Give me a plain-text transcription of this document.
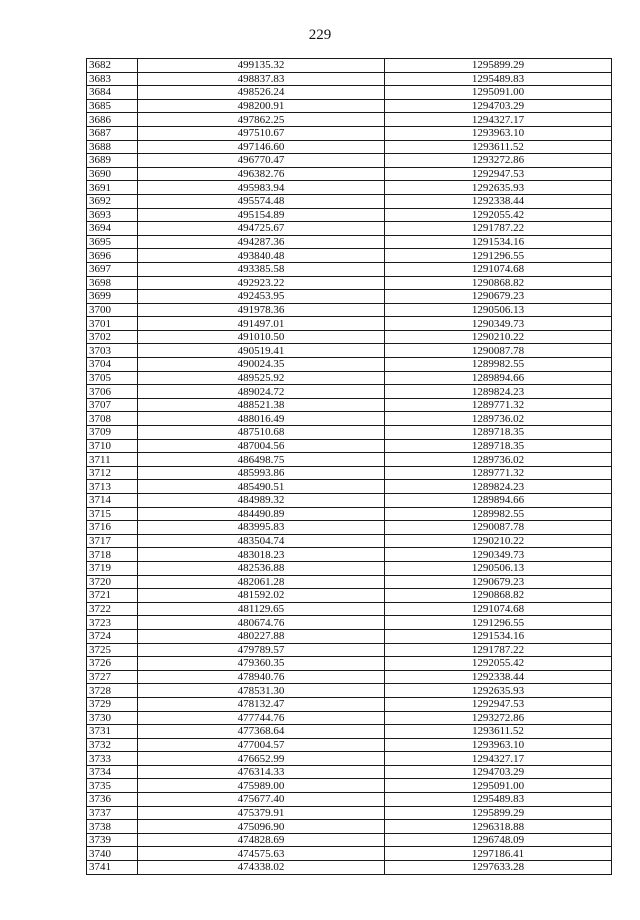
229
3682	499135.32	1295899.29
3683	498837.83	1295489.83
3684	498526.24	1295091.00
3685	498200.91	1294703.29
3686	497862.25	1294327.17
3687	497510.67	1293963.10
3688	497146.60	1293611.52
3689	496770.47	1293272.86
3690	496382.76	1292947.53
3691	495983.94	1292635.93
3692	495574.48	1292338.44
3693	495154.89	1292055.42
3694	494725.67	1291787.22
3695	494287.36	1291534.16
3696	493840.48	1291296.55
3697	493385.58	1291074.68
3698	492923.22	1290868.82
3699	492453.95	1290679.23
3700	491978.36	1290506.13
3701	491497.01	1290349.73
3702	491010.50	1290210.22
3703	490519.41	1290087.78
3704	490024.35	1289982.55
3705	489525.92	1289894.66
3706	489024.72	1289824.23
3707	488521.38	1289771.32
3708	488016.49	1289736.02
3709	487510.68	1289718.35
3710	487004.56	1289718.35
3711	486498.75	1289736.02
3712	485993.86	1289771.32
3713	485490.51	1289824.23
3714	484989.32	1289894.66
3715	484490.89	1289982.55
3716	483995.83	1290087.78
3717	483504.74	1290210.22
3718	483018.23	1290349.73
3719	482536.88	1290506.13
3720	482061.28	1290679.23
3721	481592.02	1290868.82
3722	481129.65	1291074.68
3723	480674.76	1291296.55
3724	480227.88	1291534.16
3725	479789.57	1291787.22
3726	479360.35	1292055.42
3727	478940.76	1292338.44
3728	478531.30	1292635.93
3729	478132.47	1292947.53
3730	477744.76	1293272.86
3731	477368.64	1293611.52
3732	477004.57	1293963.10
3733	476652.99	1294327.17
3734	476314.33	1294703.29
3735	475989.00	1295091.00
3736	475677.40	1295489.83
3737	475379.91	1295899.29
3738	475096.90	1296318.88
3739	474828.69	1296748.09
3740	474575.63	1297186.41
3741	474338.02	1297633.28
